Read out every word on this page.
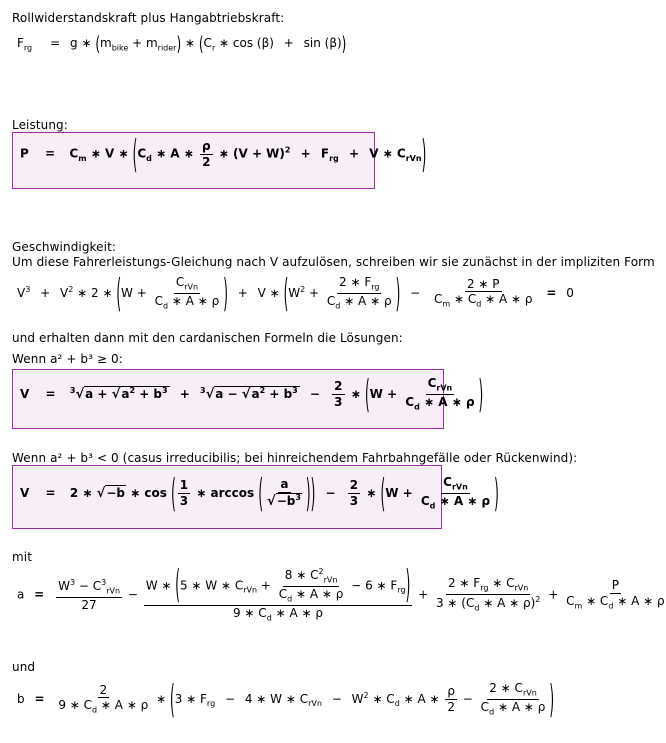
Rollwiderstandskraft plus Hangabtriebskraft:
$F_{rg} = g$ ∗ $(m_{bike} + m_{rider})$ ∗ ($C_r$ ∗ cos (β) + sin (β))
Leistung:
$P = C_m$ ∗ V ∗ ($C_d$ ∗ A ∗ $\frac{\rho}{2}$ ∗ $(V + W)^2 + F_{rg} + V$ ∗ $C_{rVn}$)
Geschwindigkeit:
Um diese Fahrerleistungs-Gleichung nach V aufzulösen, schreiben wir sie zunächst in der impliziten Form
$V^3 + V^2$ ∗ 2 ∗ ($W + \frac{C_{rVn}}{C_d ∗ A ∗ \rho}$ ) + V ∗ ($W^2 + \frac{2 ∗ F_{rg}}{C_d ∗ A ∗ \rho}$ ) − $\frac{2 ∗ P}{C_m ∗ C_d ∗ A ∗ \rho} = 0$
und erhalten dann mit den cardanischen Formeln die Lösungen:
Wenn a² + b³ ≥ 0:
$V = ^3√a + √a^2 + b^3 + ^3√a - √a^2 + b^3 - \frac{2}{3}$ ∗ ($W + \frac{C_{rVn}}{C_d ∗ A ∗ \rho}$ )
Wenn a² + b³ < 0 (casus irreducibilis; bei hinreichendem Fahrbahngefälle oder Rückenwind):
V =  2 ∗ √−b ∗ cos ( $\frac{1}{3}$ ∗ arccos ( $\frac{a}{√-b^3}$ )) − $\frac{2}{3}$ ∗ ($W + \frac{C_{rVn}}{C_d ∗ A ∗ \rho}$ )
mit
$a = \frac{W^3 - C^3_{rVn}}{27} - \frac{W ∗ (5 ∗ W ∗ C_{rVn} + \frac{8 ∗ C^2_{rVn}}{C_d ∗ A ∗ \rho} - 6 ∗ F_{rg})}{9 ∗ C_d ∗ A ∗ \rho} + \frac{2 ∗ F_{rg} ∗ C_{rVn}}{3 ∗ (C_d ∗ A ∗ \rho)^2} + \frac{P}{C_m ∗ C_d ∗ A ∗ \rho}$
und
$b = \frac{2}{9 ∗ C_d ∗ A ∗ \rho}$ ∗ (3 ∗ $F_{rg} - 4$ ∗ W ∗ $C_{rVn} - W^2$ ∗ $C_d$ ∗ A ∗ $\frac{\rho}{2} - \frac{2 ∗ C_{rVn}}{C_d ∗ A ∗ \rho}$ )
